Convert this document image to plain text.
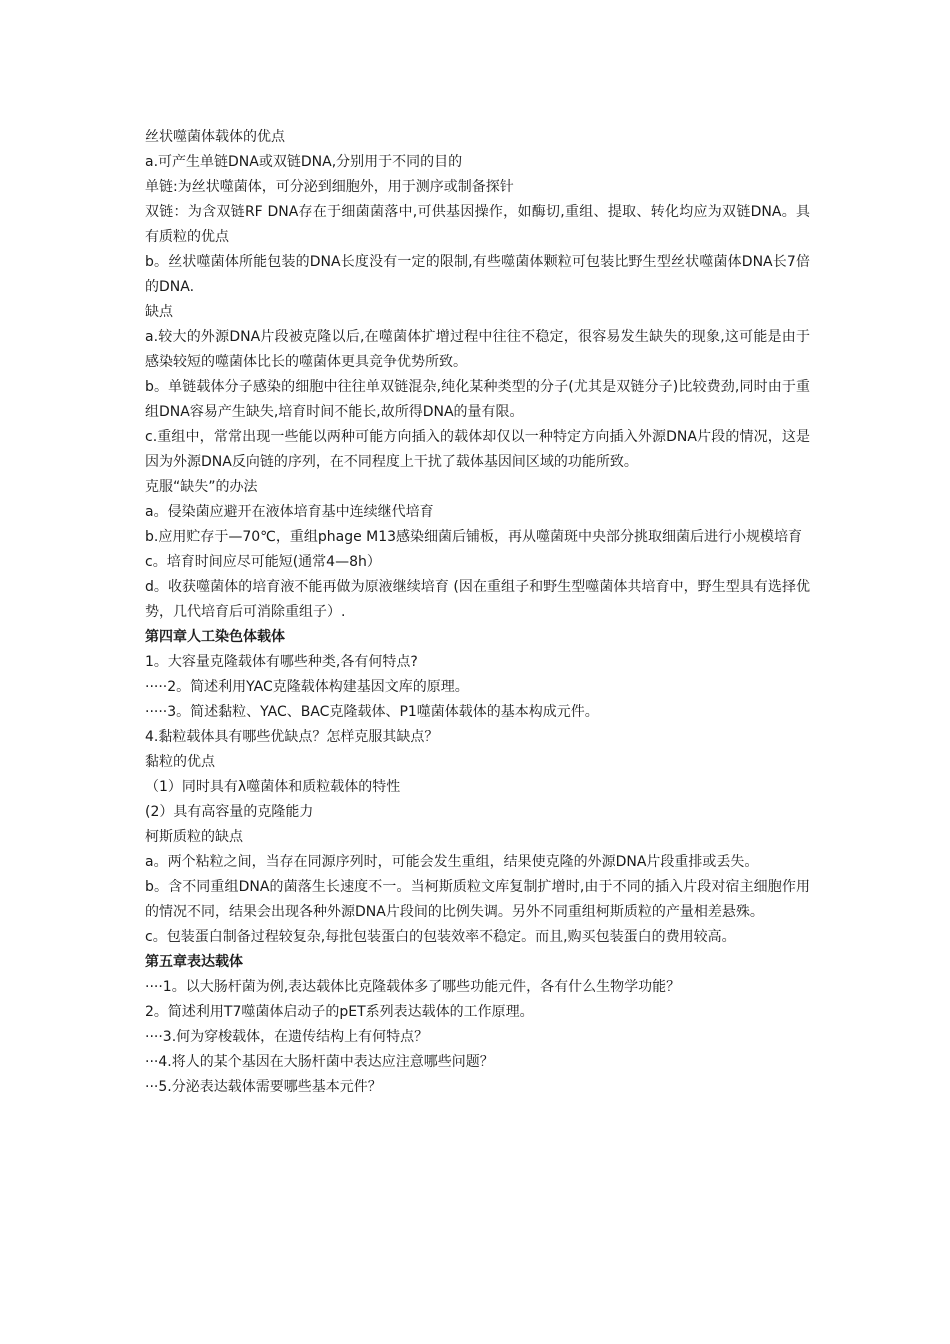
丝状噬菌体载体的优点

a.可产生单链DNA或双链DNA,分别用于不同的目的

单链:为丝状噬菌体，可分泌到细胞外，用于测序或制备探针

双链：为含双链RF DNA存在于细菌菌落中,可供基因操作，如酶切,重组、提取、转化均应为双链DNA。具有质粒的优点

b。丝状噬菌体所能包装的DNA长度没有一定的限制,有些噬菌体颗粒可包装比野生型丝状噬菌体DNA长7倍的DNA.

缺点

a.较大的外源DNA片段被克隆以后,在噬菌体扩增过程中往往不稳定，很容易发生缺失的现象,这可能是由于感染较短的噬菌体比长的噬菌体更具竞争优势所致。

b。单链载体分子感染的细胞中往往单双链混杂,纯化某种类型的分子(尤其是双链分子)比较费劲,同时由于重组DNA容易产生缺失,培育时间不能长,故所得DNA的量有限。

c.重组中，常常出现一些能以两种可能方向插入的载体却仅以一种特定方向插入外源DNA片段的情况，这是因为外源DNA反向链的序列，在不同程度上干扰了载体基因间区域的功能所致。

克服“缺失”的办法

a。侵染菌应避开在液体培育基中连续继代培育

b.应用贮存于—70℃，重组phage M13感染细菌后铺板，再从噬菌斑中央部分挑取细菌后进行小规模培育

c。培育时间应尽可能短(通常4—8h）

d。收获噬菌体的培育液不能再做为原液继续培育 (因在重组子和野生型噬菌体共培育中，野生型具有选择优势，几代培育后可消除重组子）.

第四章人工染色体载体

1。大容量克隆载体有哪些种类,各有何特点?

·····2。简述利用YAC克隆载体构建基因文库的原理。

·····3。简述黏粒、YAC、BAC克隆载体、P1噬菌体载体的基本构成元件。

4.黏粒载体具有哪些优缺点？怎样克服其缺点？

黏粒的优点

（1）同时具有λ噬菌体和质粒载体的特性

(2）具有高容量的克隆能力

柯斯质粒的缺点

a。两个粘粒之间，当存在同源序列时，可能会发生重组，结果使克隆的外源DNA片段重排或丢失。

b。含不同重组DNA的菌落生长速度不一。当柯斯质粒文库复制扩增时,由于不同的插入片段对宿主细胞作用的情况不同，结果会出现各种外源DNA片段间的比例失调。另外不同重组柯斯质粒的产量相差悬殊。

c。包装蛋白制备过程较复杂,每批包装蛋白的包装效率不稳定。而且,购买包装蛋白的费用较高。

第五章表达载体

····1。以大肠杆菌为例,表达载体比克隆载体多了哪些功能元件，各有什么生物学功能？

2。简述利用T7噬菌体启动子的pET系列表达载体的工作原理。

····3.何为穿梭载体，在遗传结构上有何特点？

···4.将人的某个基因在大肠杆菌中表达应注意哪些问题？

···5.分泌表达载体需要哪些基本元件？
